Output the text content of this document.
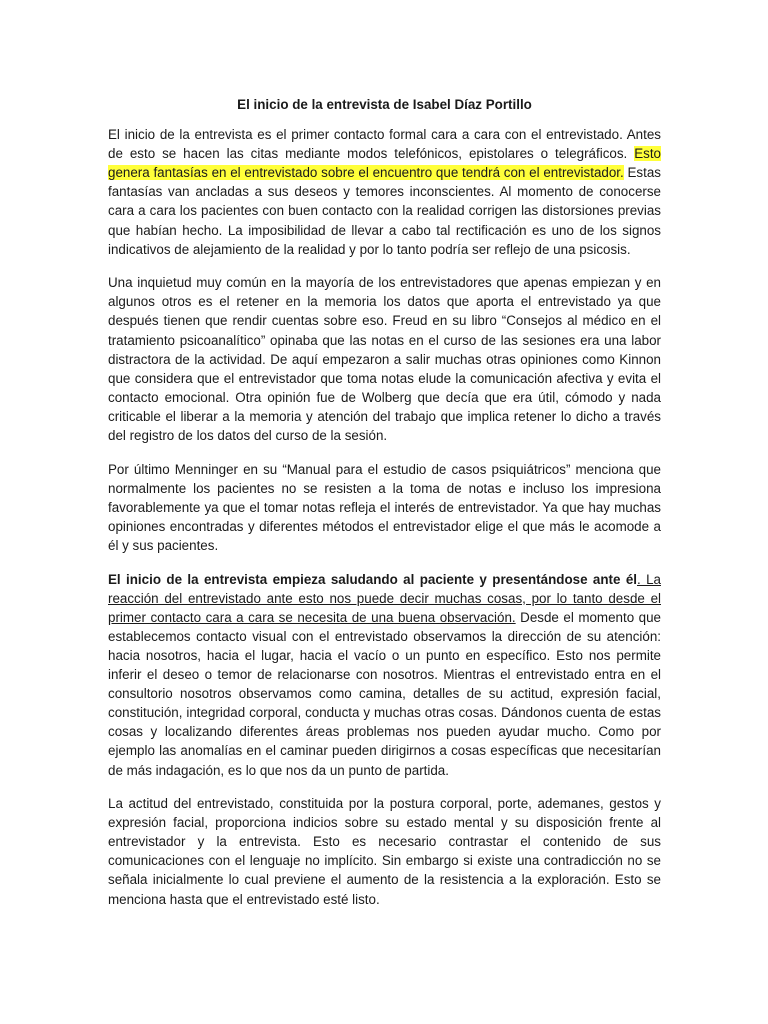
El inicio de la entrevista de Isabel Díaz Portillo

El inicio de la entrevista es el primer contacto formal cara a cara con el entrevistado. Antes de esto se hacen las citas mediante modos telefónicos, epistolares o telegráficos. Esto genera fantasías en el entrevistado sobre el encuentro que tendrá con el entrevistador. Estas fantasías van ancladas a sus deseos y temores inconscientes. Al momento de conocerse cara a cara los pacientes con buen contacto con la realidad corrigen las distorsiones previas que habían hecho. La imposibilidad de llevar a cabo tal rectificación es uno de los signos indicativos de alejamiento de la realidad y por lo tanto podría ser reflejo de una psicosis.

Una inquietud muy común en la mayoría de los entrevistadores que apenas empiezan y en algunos otros es el retener en la memoria los datos que aporta el entrevistado ya que después tienen que rendir cuentas sobre eso. Freud en su libro “Consejos al médico en el tratamiento psicoanalítico” opinaba que las notas en el curso de las sesiones era una labor distractora de la actividad. De aquí empezaron a salir muchas otras opiniones como Kinnon que considera que el entrevistador que toma notas elude la comunicación afectiva y evita el contacto emocional. Otra opinión fue de Wolberg que decía que era útil, cómodo y nada criticable el liberar a la memoria y atención del trabajo que implica retener lo dicho a través del registro de los datos del curso de la sesión.

Por último Menninger en su “Manual para el estudio de casos psiquiátricos” menciona que normalmente los pacientes no se resisten a la toma de notas e incluso los impresiona favorablemente ya que el tomar notas refleja el interés de entrevistador. Ya que hay muchas opiniones encontradas y diferentes métodos el entrevistador elige el que más le acomode a él y sus pacientes.

El inicio de la entrevista empieza saludando al paciente y presentándose ante él. La reacción del entrevistado ante esto nos puede decir muchas cosas, por lo tanto desde el primer contacto cara a cara se necesita de una buena observación. Desde el momento que establecemos contacto visual con el entrevistado observamos la dirección de su atención: hacia nosotros, hacia el lugar, hacia el vacío o un punto en específico. Esto nos permite inferir el deseo o temor de relacionarse con nosotros. Mientras el entrevistado entra en el consultorio nosotros observamos como camina, detalles de su actitud, expresión facial, constitución, integridad corporal, conducta y muchas otras cosas. Dándonos cuenta de estas cosas y localizando diferentes áreas problemas nos pueden ayudar mucho. Como por ejemplo las anomalías en el caminar pueden dirigirnos a cosas específicas que necesitarían de más indagación, es lo que nos da un punto de partida.

La actitud del entrevistado, constituida por la postura corporal, porte, ademanes, gestos y expresión facial, proporciona indicios sobre su estado mental y su disposición frente al entrevistador y la entrevista. Esto es necesario contrastar el contenido de sus comunicaciones con el lenguaje no implícito. Sin embargo si existe una contradicción no se señala inicialmente lo cual previene el aumento de la resistencia a la exploración. Esto se menciona hasta que el entrevistado esté listo.
